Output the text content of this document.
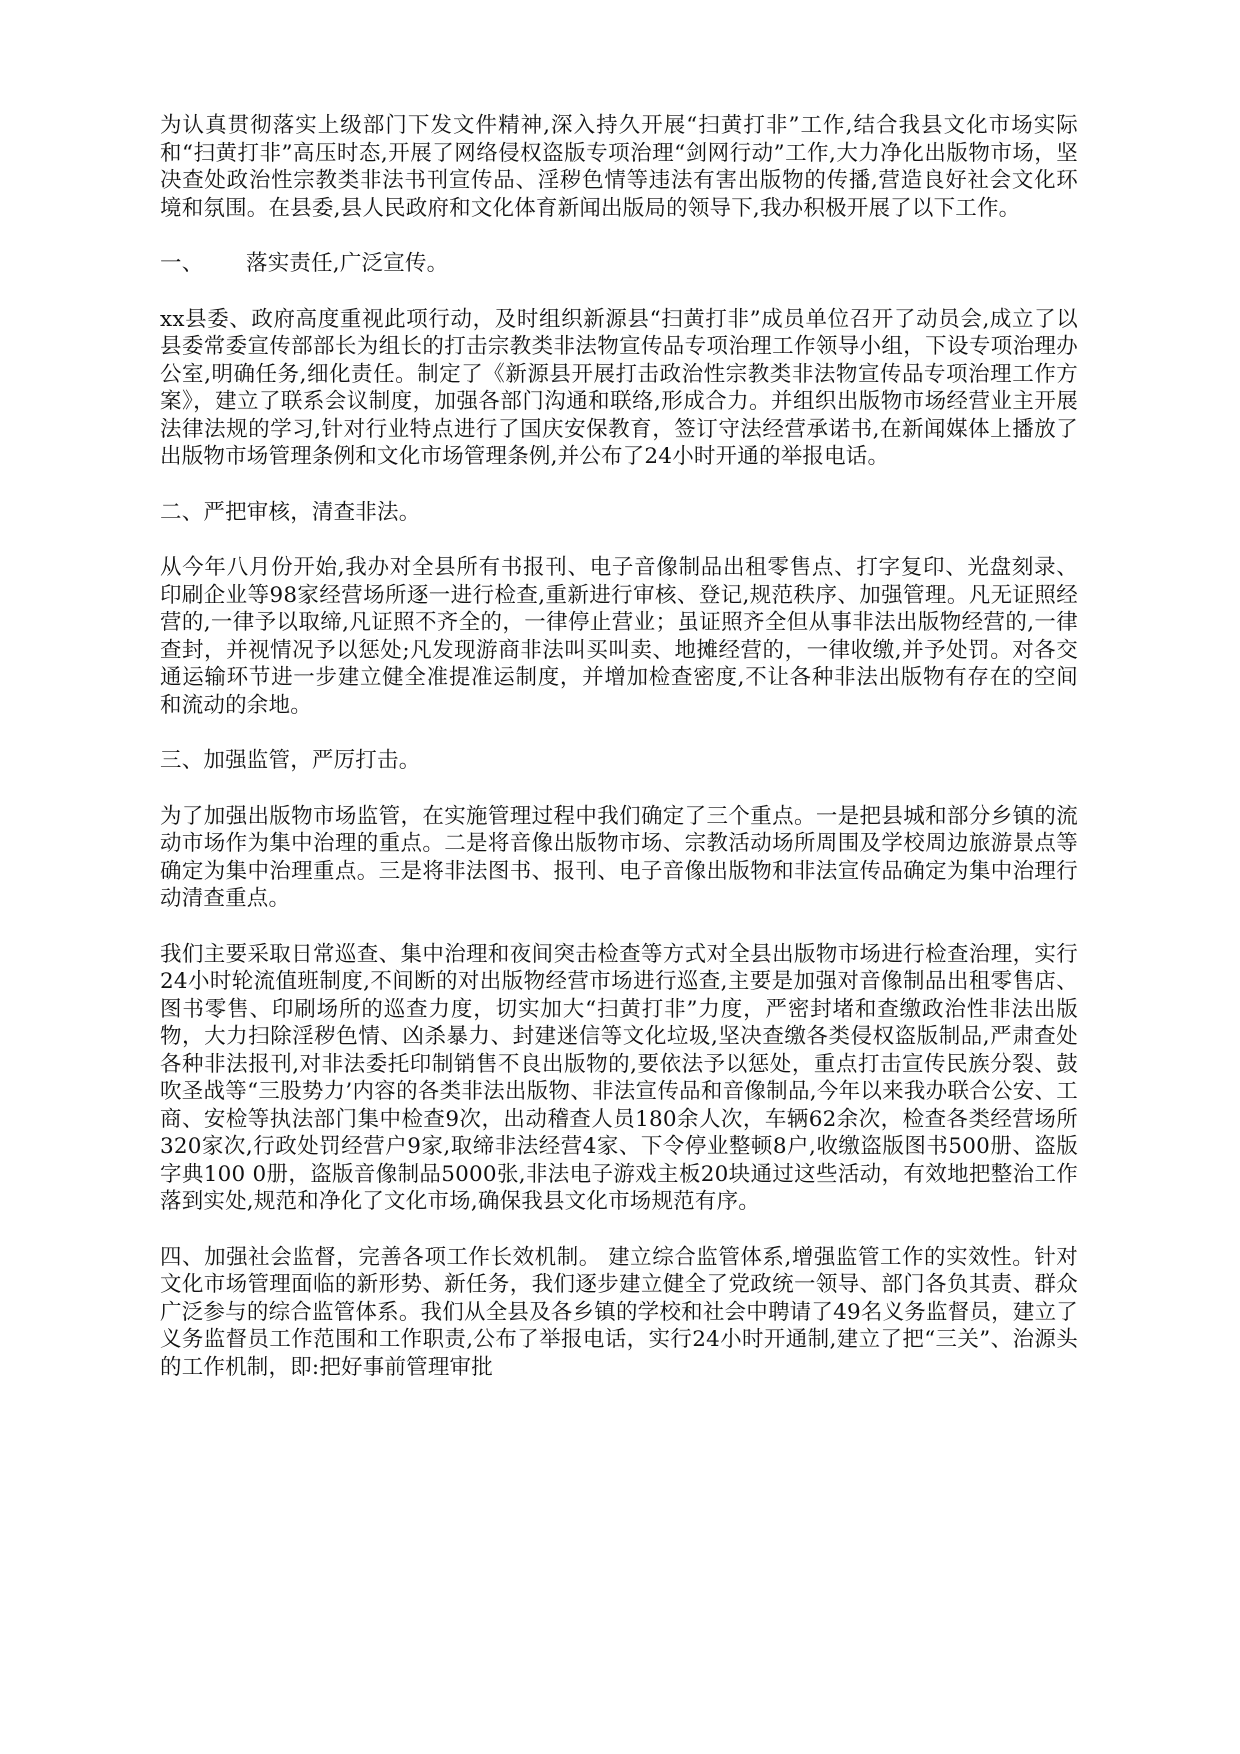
为认真贯彻落实上级部门下发文件精神,深入持久开展“扫黄打非”工作,结合我县文化市场实际和“扫黄打非”高压时态,开展了网络侵权盗版专项治理“剑网行动”工作,大力净化出版物市场，坚决查处政治性宗教类非法书刊宣传品、淫秽色情等违法有害出版物的传播,营造良好社会文化环境和氛围。在县委,县人民政府和文化体育新闻出版局的领导下,我办积极开展了以下工作。

一、 落实责任,广泛宣传。

xx县委、政府高度重视此项行动，及时组织新源县“扫黄打非”成员单位召开了动员会,成立了以县委常委宣传部部长为组长的打击宗教类非法物宣传品专项治理工作领导小组，下设专项治理办公室,明确任务,细化责任。制定了《新源县开展打击政治性宗教类非法物宣传品专项治理工作方案》，建立了联系会议制度，加强各部门沟通和联络,形成合力。并组织出版物市场经营业主开展法律法规的学习,针对行业特点进行了国庆安保教育，签订守法经营承诺书,在新闻媒体上播放了出版物市场管理条例和文化市场管理条例,并公布了24小时开通的举报电话。

二、严把审核，清查非法。

从今年八月份开始,我办对全县所有书报刊、电子音像制品出租零售点、打字复印、光盘刻录、印刷企业等98家经营场所逐一进行检查,重新进行审核、登记,规范秩序、加强管理。凡无证照经营的,一律予以取缔,凡证照不齐全的，一律停止营业；虽证照齐全但从事非法出版物经营的,一律查封，并视情况予以惩处;凡发现游商非法叫买叫卖、地摊经营的，一律收缴,并予处罚。对各交通运输环节进一步建立健全准提准运制度，并增加检查密度,不让各种非法出版物有存在的空间和流动的余地。

三、加强监管，严厉打击。

为了加强出版物市场监管，在实施管理过程中我们确定了三个重点。一是把县城和部分乡镇的流动市场作为集中治理的重点。二是将音像出版物市场、宗教活动场所周围及学校周边旅游景点等确定为集中治理重点。三是将非法图书、报刊、电子音像出版物和非法宣传品确定为集中治理行动清查重点。

我们主要采取日常巡查、集中治理和夜间突击检查等方式对全县出版物市场进行检查治理，实行24小时轮流值班制度,不间断的对出版物经营市场进行巡查,主要是加强对音像制品出租零售店、图书零售、印刷场所的巡查力度，切实加大“扫黄打非”力度，严密封堵和查缴政治性非法出版物，大力扫除淫秽色情、凶杀暴力、封建迷信等文化垃圾,坚决查缴各类侵权盗版制品,严肃查处各种非法报刊,对非法委托印制销售不良出版物的,要依法予以惩处，重点打击宣传民族分裂、鼓吹圣战等“三股势力’内容的各类非法出版物、非法宣传品和音像制品,今年以来我办联合公安、工商、安检等执法部门集中检查9次，出动稽查人员180余人次，车辆62余次，检查各类经营场所320家次,行政处罚经营户9家,取缔非法经营4家、下令停业整顿8户,收缴盗版图书500册、盗版字典100 0册，盗版音像制品5000张,非法电子游戏主板20块通过这些活动，有效地把整治工作落到实处,规范和净化了文化市场,确保我县文化市场规范有序。

四、加强社会监督，完善各项工作长效机制。 建立综合监管体系,增强监管工作的实效性。针对文化市场管理面临的新形势、新任务，我们逐步建立健全了党政统一领导、部门各负其责、群众广泛参与的综合监管体系。我们从全县及各乡镇的学校和社会中聘请了49名义务监督员，建立了义务监督员工作范围和工作职责,公布了举报电话，实行24小时开通制,建立了把“三关”、治源头的工作机制，即:把好事前管理审批
